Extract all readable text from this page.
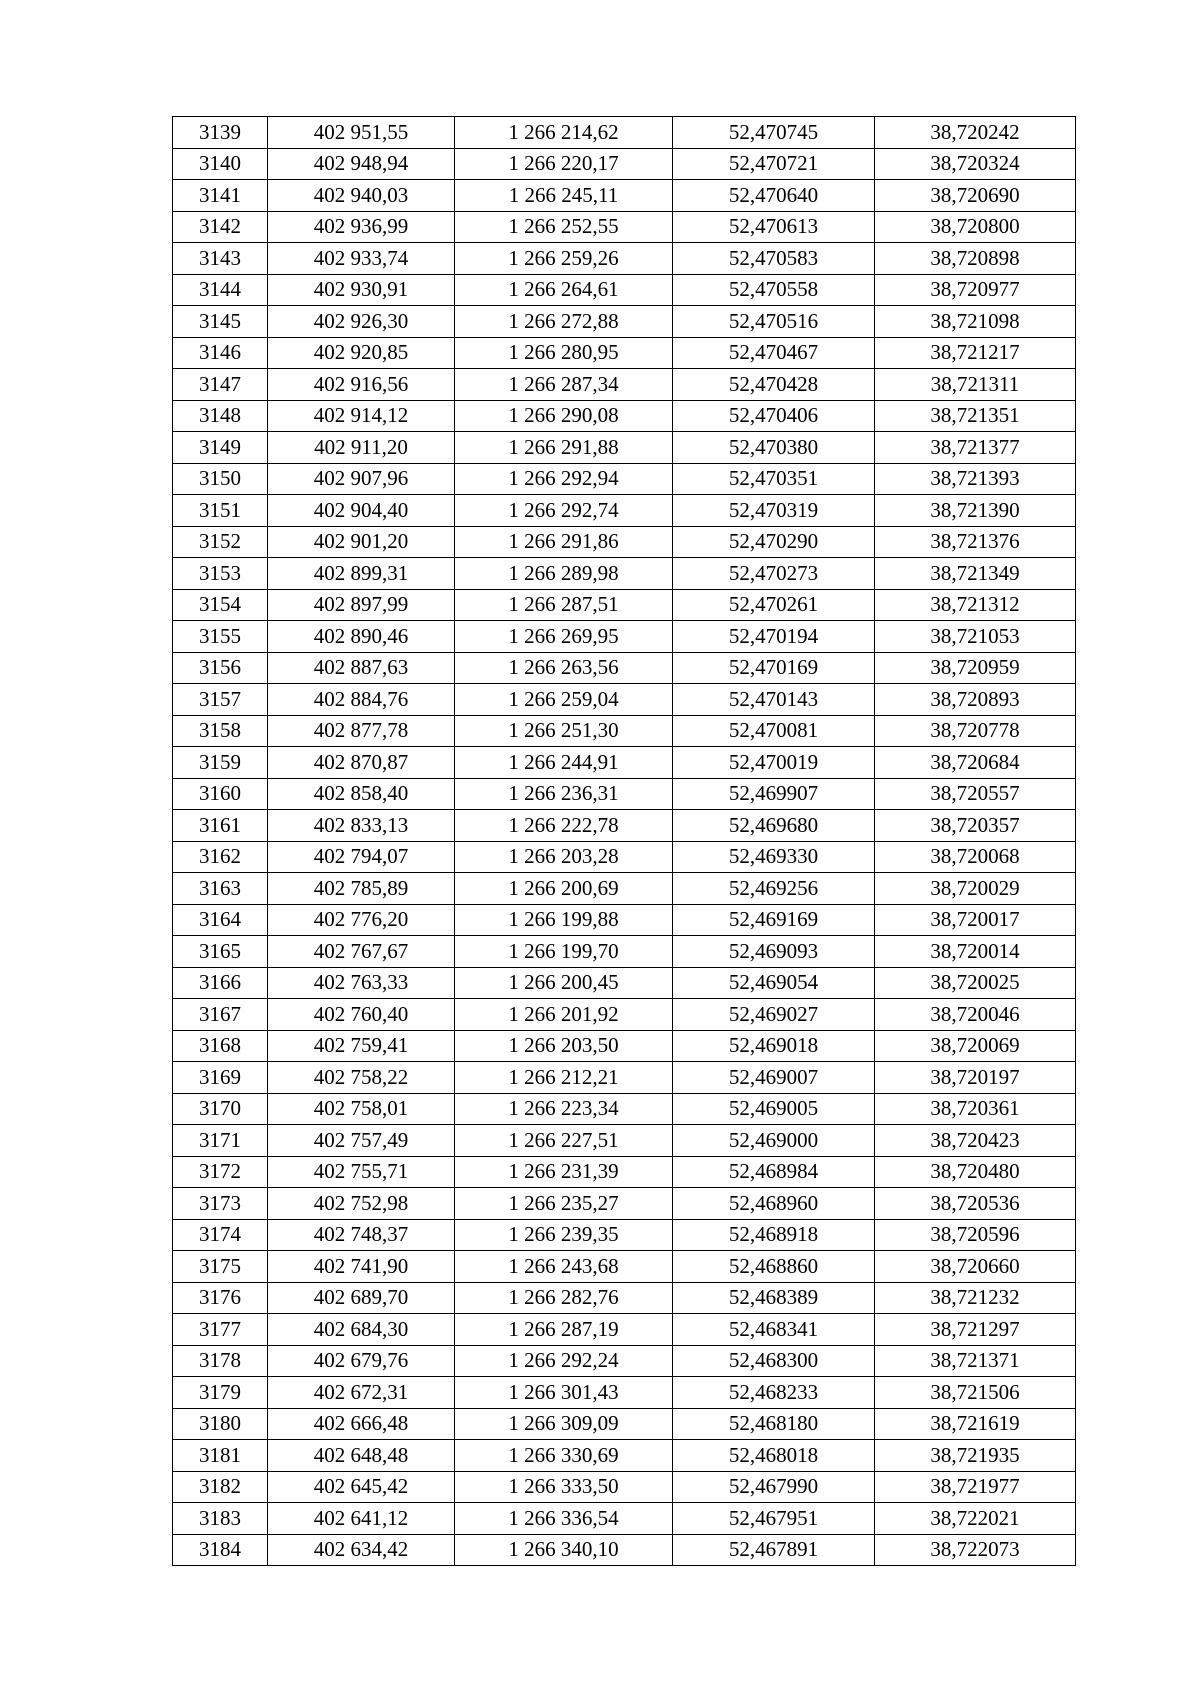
3139	402 951,55	1 266 214,62	52,470745	38,720242
3140	402 948,94	1 266 220,17	52,470721	38,720324
3141	402 940,03	1 266 245,11	52,470640	38,720690
3142	402 936,99	1 266 252,55	52,470613	38,720800
3143	402 933,74	1 266 259,26	52,470583	38,720898
3144	402 930,91	1 266 264,61	52,470558	38,720977
3145	402 926,30	1 266 272,88	52,470516	38,721098
3146	402 920,85	1 266 280,95	52,470467	38,721217
3147	402 916,56	1 266 287,34	52,470428	38,721311
3148	402 914,12	1 266 290,08	52,470406	38,721351
3149	402 911,20	1 266 291,88	52,470380	38,721377
3150	402 907,96	1 266 292,94	52,470351	38,721393
3151	402 904,40	1 266 292,74	52,470319	38,721390
3152	402 901,20	1 266 291,86	52,470290	38,721376
3153	402 899,31	1 266 289,98	52,470273	38,721349
3154	402 897,99	1 266 287,51	52,470261	38,721312
3155	402 890,46	1 266 269,95	52,470194	38,721053
3156	402 887,63	1 266 263,56	52,470169	38,720959
3157	402 884,76	1 266 259,04	52,470143	38,720893
3158	402 877,78	1 266 251,30	52,470081	38,720778
3159	402 870,87	1 266 244,91	52,470019	38,720684
3160	402 858,40	1 266 236,31	52,469907	38,720557
3161	402 833,13	1 266 222,78	52,469680	38,720357
3162	402 794,07	1 266 203,28	52,469330	38,720068
3163	402 785,89	1 266 200,69	52,469256	38,720029
3164	402 776,20	1 266 199,88	52,469169	38,720017
3165	402 767,67	1 266 199,70	52,469093	38,720014
3166	402 763,33	1 266 200,45	52,469054	38,720025
3167	402 760,40	1 266 201,92	52,469027	38,720046
3168	402 759,41	1 266 203,50	52,469018	38,720069
3169	402 758,22	1 266 212,21	52,469007	38,720197
3170	402 758,01	1 266 223,34	52,469005	38,720361
3171	402 757,49	1 266 227,51	52,469000	38,720423
3172	402 755,71	1 266 231,39	52,468984	38,720480
3173	402 752,98	1 266 235,27	52,468960	38,720536
3174	402 748,37	1 266 239,35	52,468918	38,720596
3175	402 741,90	1 266 243,68	52,468860	38,720660
3176	402 689,70	1 266 282,76	52,468389	38,721232
3177	402 684,30	1 266 287,19	52,468341	38,721297
3178	402 679,76	1 266 292,24	52,468300	38,721371
3179	402 672,31	1 266 301,43	52,468233	38,721506
3180	402 666,48	1 266 309,09	52,468180	38,721619
3181	402 648,48	1 266 330,69	52,468018	38,721935
3182	402 645,42	1 266 333,50	52,467990	38,721977
3183	402 641,12	1 266 336,54	52,467951	38,722021
3184	402 634,42	1 266 340,10	52,467891	38,722073
